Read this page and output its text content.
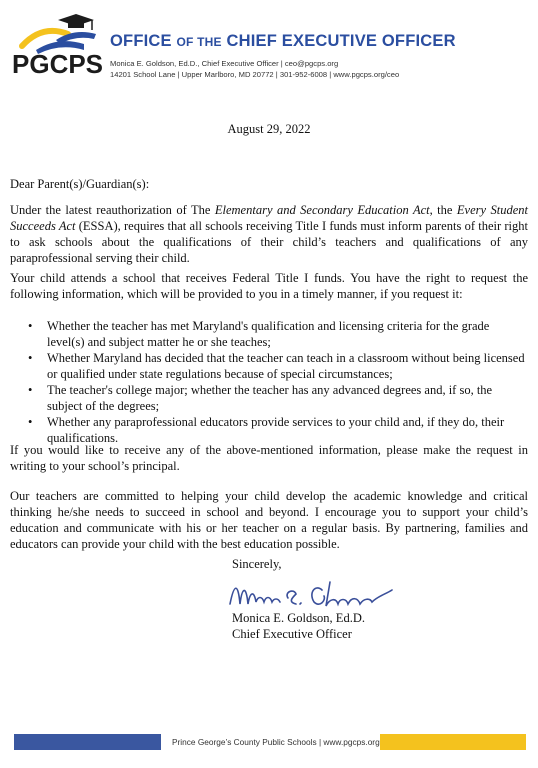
PGCPS
OFFICE OF THE CHIEF EXECUTIVE OFFICER
Monica E. Goldson, Ed.D., Chief Executive Officer | ceo@pgcps.org
14201 School Lane | Upper Marlboro, MD 20772 | 301-952-6008 | www.pgcps.org/ceo
August 29, 2022

Dear Parent(s)/Guardian(s):

Under the latest reauthorization of The Elementary and Secondary Education Act, the Every Student Succeeds Act (ESSA), requires that all schools receiving Title I funds must inform parents of their right to ask schools about the qualifications of their child’s teachers and qualifications of any paraprofessional serving their child.

Your child attends a school that receives Federal Title I funds. You have the right to request the following information, which will be provided to you in a timely manner, if you request it:

• Whether the teacher has met Maryland's qualification and licensing criteria for the grade level(s) and subject matter he or she teaches;
• Whether Maryland has decided that the teacher can teach in a classroom without being licensed or qualified under state regulations because of special circumstances;
• The teacher's college major; whether the teacher has any advanced degrees and, if so, the subject of the degrees;
• Whether any paraprofessional educators provide services to your child and, if they do, their qualifications.

If you would like to receive any of the above-mentioned information, please make the request in writing to your school’s principal.

Our teachers are committed to helping your child develop the academic knowledge and critical thinking he/she needs to succeed in school and beyond. I encourage you to support your child’s education and communicate with his or her teacher on a regular basis. By partnering, families and educators can provide your child with the best education possible.

Sincerely,
Monica E. Goldson, Ed.D.
Chief Executive Officer
Prince George’s County Public Schools | www.pgcps.org
